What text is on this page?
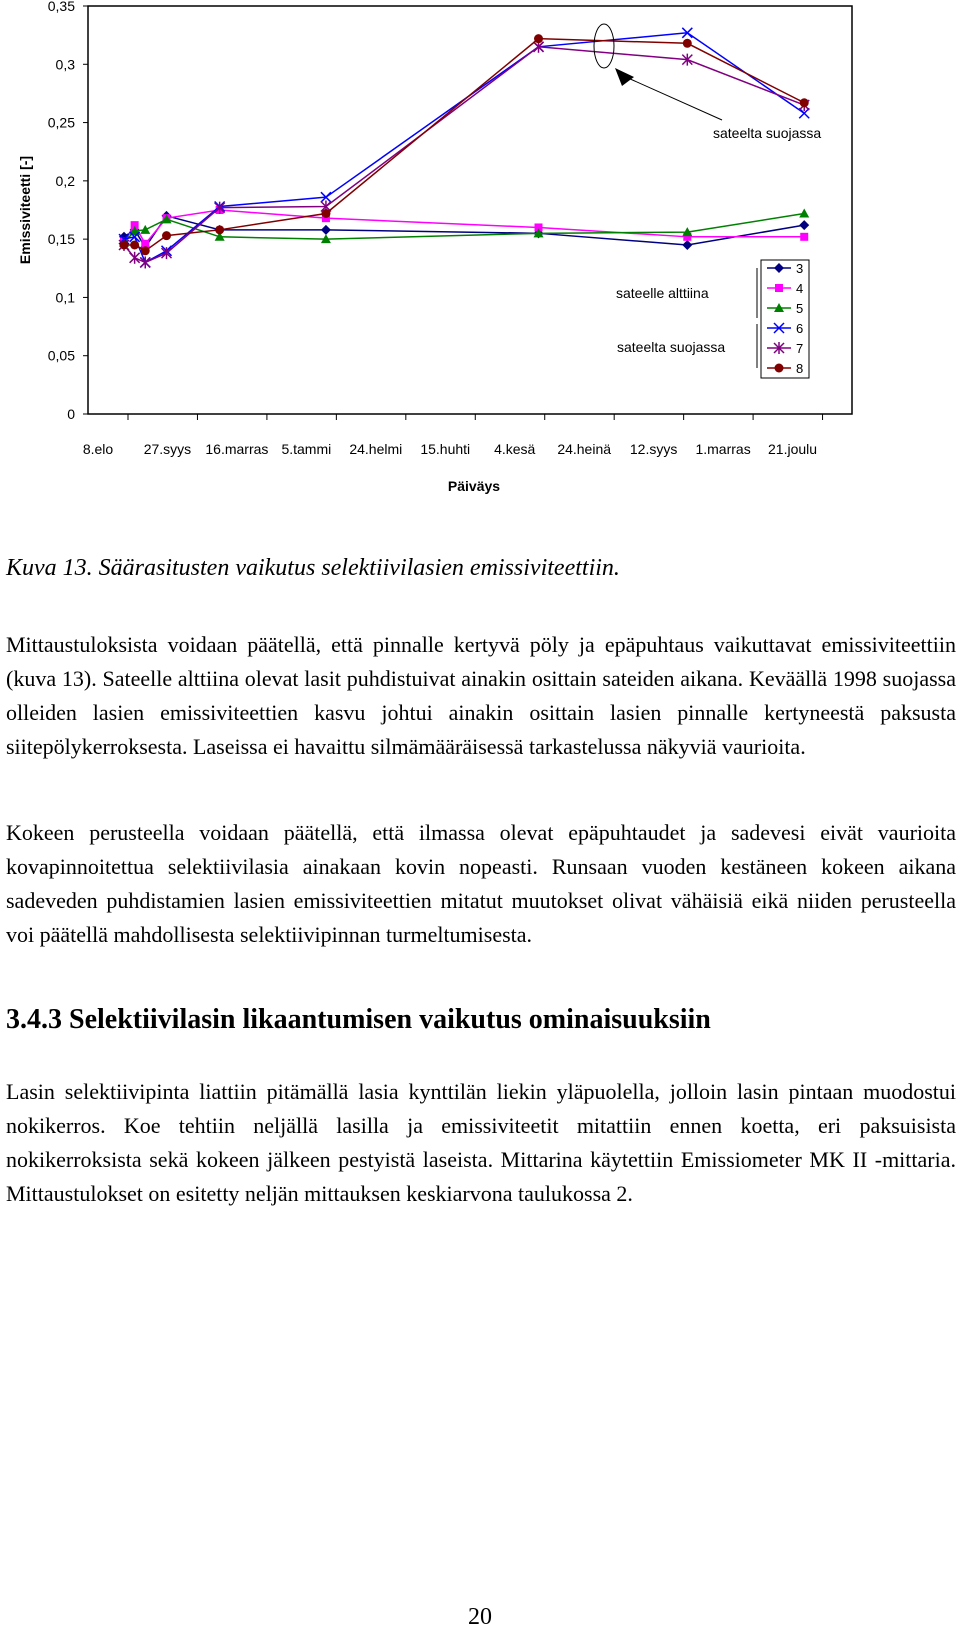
0
0,05
0,1
0,15
0,2
0,25
0,3
0,35
Emissiviteetti [-]
8.elo 27.syys 16.marras 5.tammi 24.helmi 15.huhti 4.kesä 24.heinä 12.syys 1.marras 21.joulu
Päiväys
sateelta suojassa
sateelle alttiina
sateelta suojassa
3
4
5
6
7
8

Kuva 13. Säärasitusten vaikutus selektiivilasien emissiviteettiin.

Mittaustuloksista voidaan päätellä, että pinnalle kertyvä pöly ja epäpuhtaus vaikuttavat emissiviteettiin (kuva 13). Sateelle alttiina olevat lasit puhdistuivat ainakin osittain sateiden aikana. Keväällä 1998 suojassa olleiden lasien emissiviteettien kasvu johtui ainakin osittain lasien pinnalle kertyneestä paksusta siitepölykerroksesta. Laseissa ei havaittu silmämääräisessä tarkastelussa näkyviä vaurioita.

Kokeen perusteella voidaan päätellä, että ilmassa olevat epäpuhtaudet ja sadevesi eivät vaurioita kovapinnoitettua selektiivilasia ainakaan kovin nopeasti. Runsaan vuoden kestäneen kokeen aikana sadeveden puhdistamien lasien emissiviteettien mitatut muutokset olivat vähäisiä eikä niiden perusteella voi päätellä mahdollisesta selektiivipinnan turmeltumisesta.

3.4.3 Selektiivilasin likaantumisen vaikutus ominaisuuksiin

Lasin selektiivipinta liattiin pitämällä lasia kynttilän liekin yläpuolella, jolloin lasin pintaan muodostui nokikerros. Koe tehtiin neljällä lasilla ja emissiviteetit mitattiin ennen koetta, eri paksuisista nokikerroksista sekä kokeen jälkeen pestyistä laseista. Mittarina käytettiin Emissiometer MK II -mittaria. Mittaustulokset on esitetty neljän mittauksen keskiarvona taulukossa 2.

20
